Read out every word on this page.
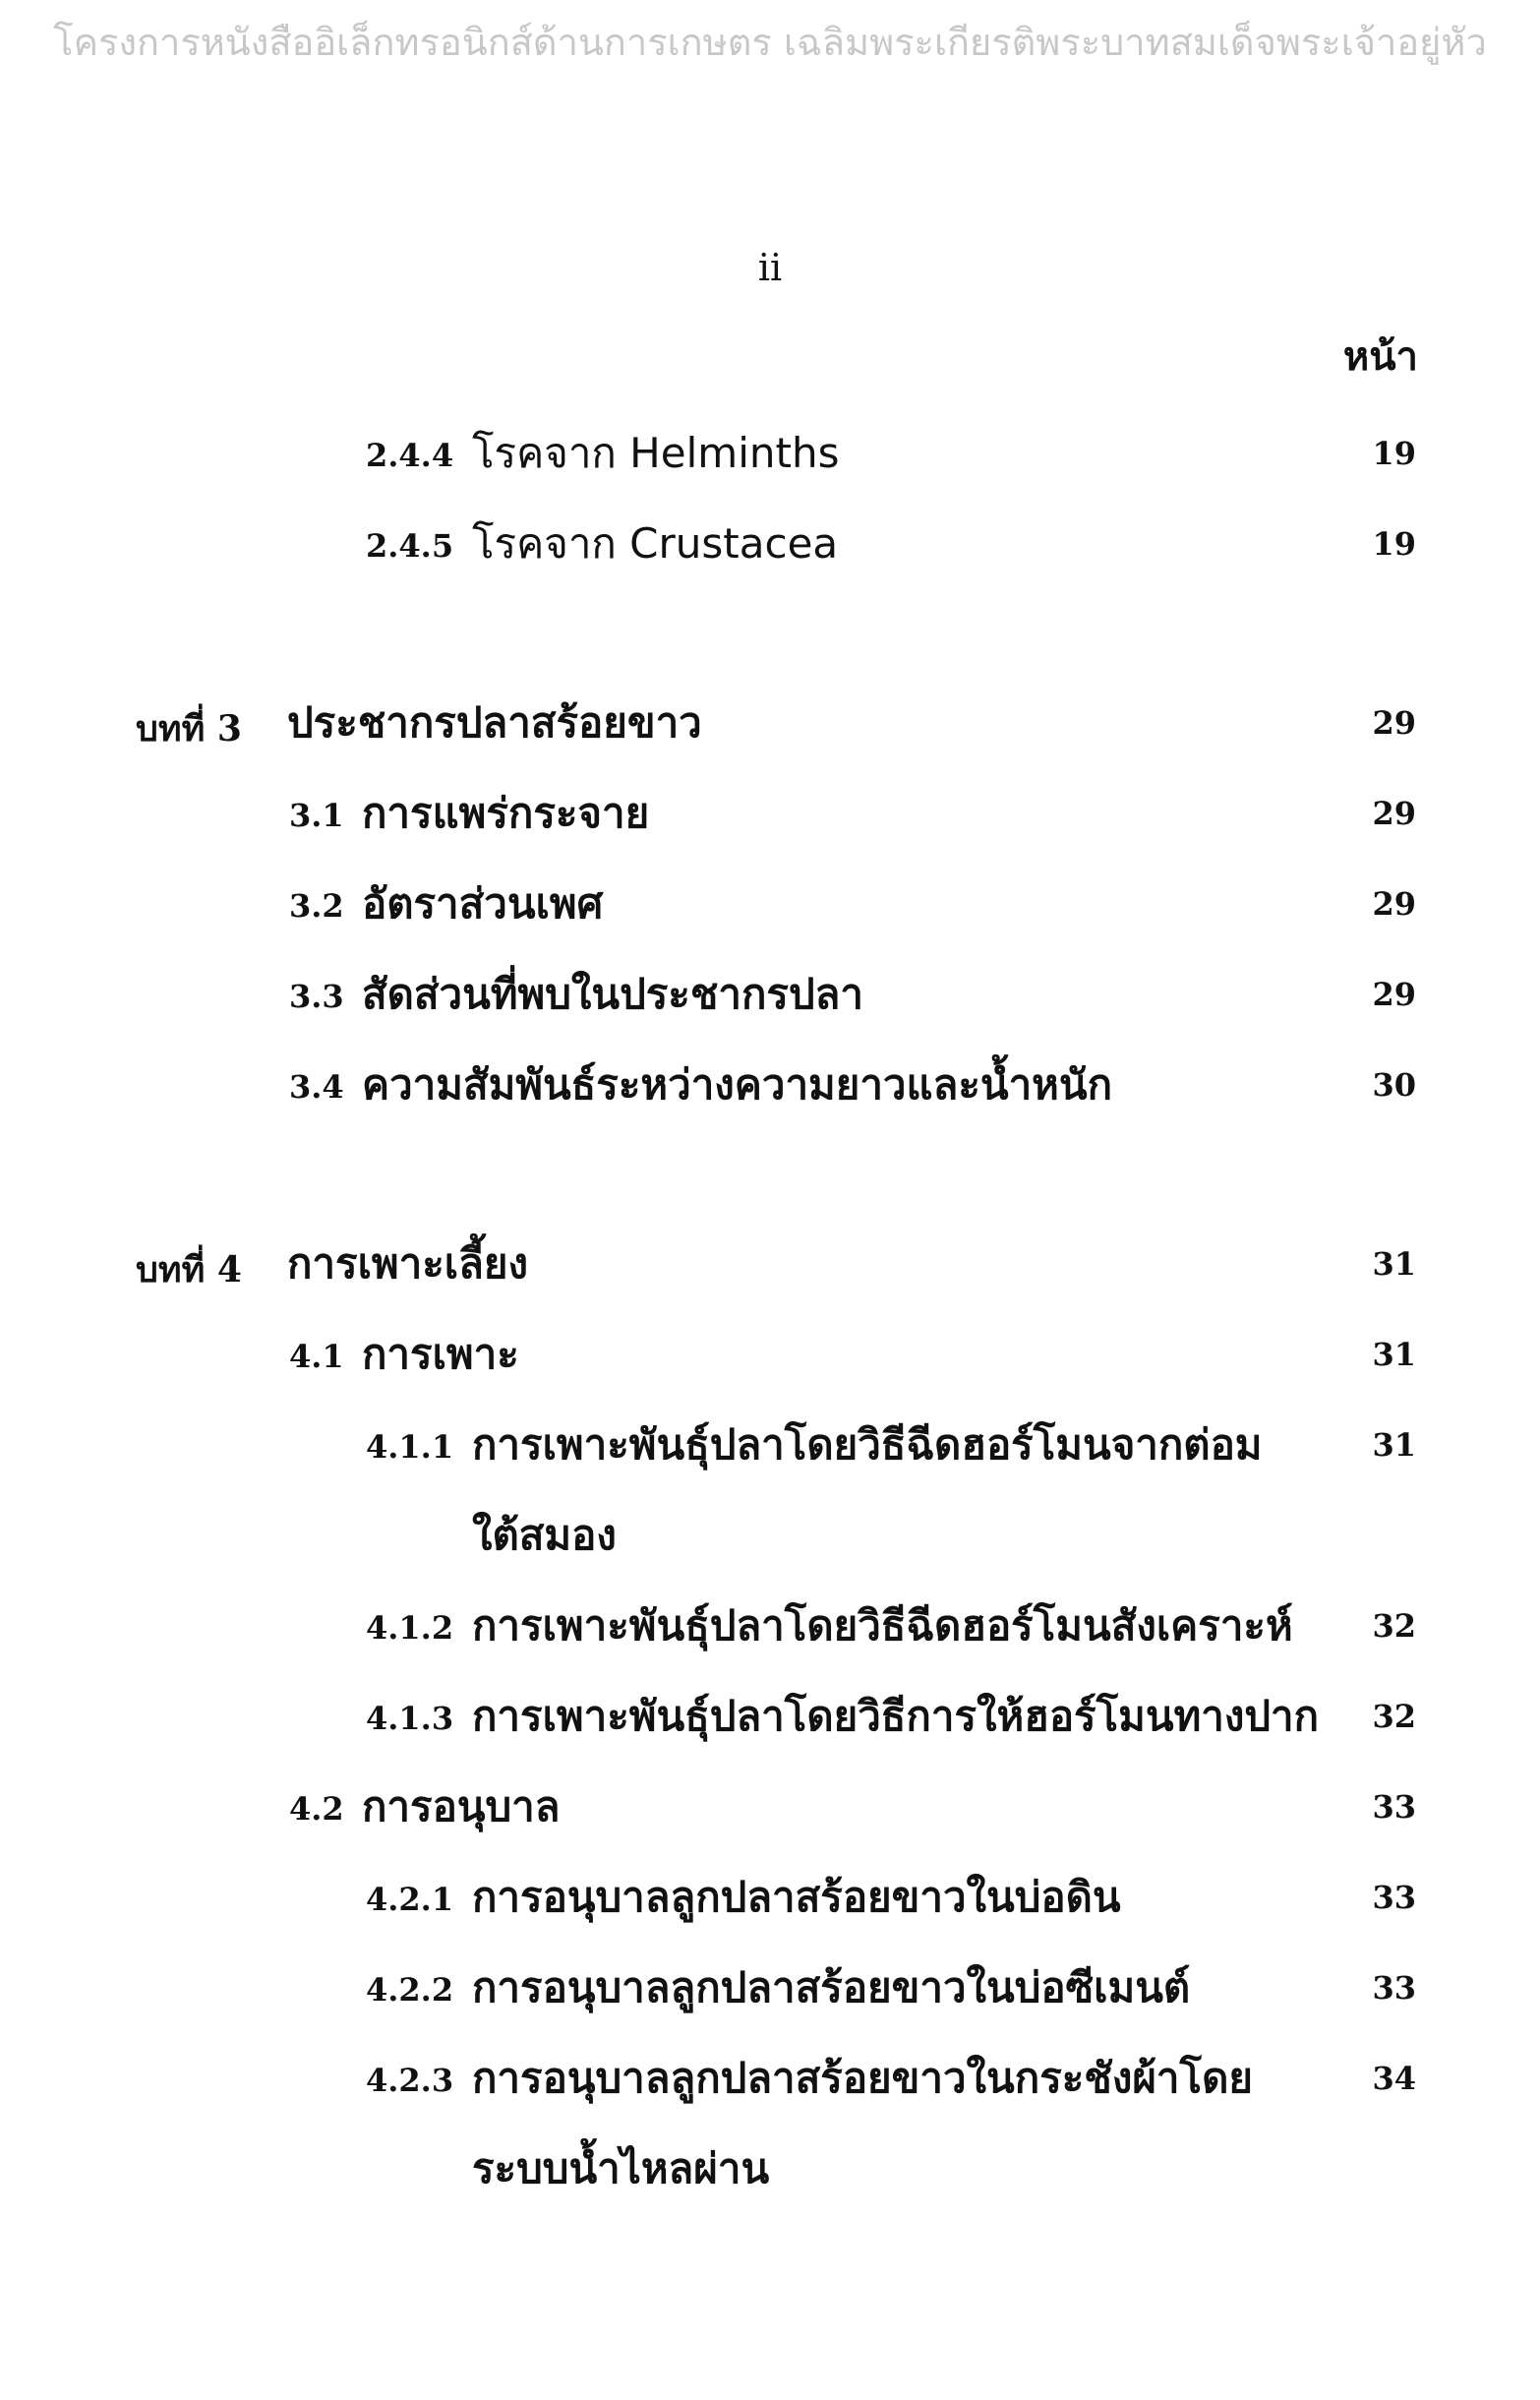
โครงการหนังสืออิเล็กทรอนิกส์ด้านการเกษตร เฉลิมพระเกียรติพระบาทสมเด็จพระเจ้าอยู่หัว
ii
หน้า
2.4.4 โรคจาก Helminths	19
2.4.5 โรคจาก Crustacea	19
บทที่ 3 ประชากรปลาสร้อยขาว	29
3.1 การแพร่กระจาย	29
3.2 อัตราส่วนเพศ	29
3.3 สัดส่วนที่พบในประชากรปลา	29
3.4 ความสัมพันธ์ระหว่างความยาวและน้ำหนัก	30
บทที่ 4 การเพาะเลี้ยง	31
4.1 การเพาะ	31
4.1.1 การเพาะพันธุ์ปลาโดยวิธีฉีดฮอร์โมนจากต่อม	31
ใต้สมอง
4.1.2 การเพาะพันธุ์ปลาโดยวิธีฉีดฮอร์โมนสังเคราะห์	32
4.1.3 การเพาะพันธุ์ปลาโดยวิธีการให้ฮอร์โมนทางปาก 32
4.2 การอนุบาล	33
4.2.1 การอนุบาลลูกปลาสร้อยขาวในบ่อดิน	33
4.2.2 การอนุบาลลูกปลาสร้อยขาวในบ่อซีเมนต์	33
4.2.3 การอนุบาลลูกปลาสร้อยขาวในกระชังผ้าโดย	34
ระบบน้ำไหลผ่าน
